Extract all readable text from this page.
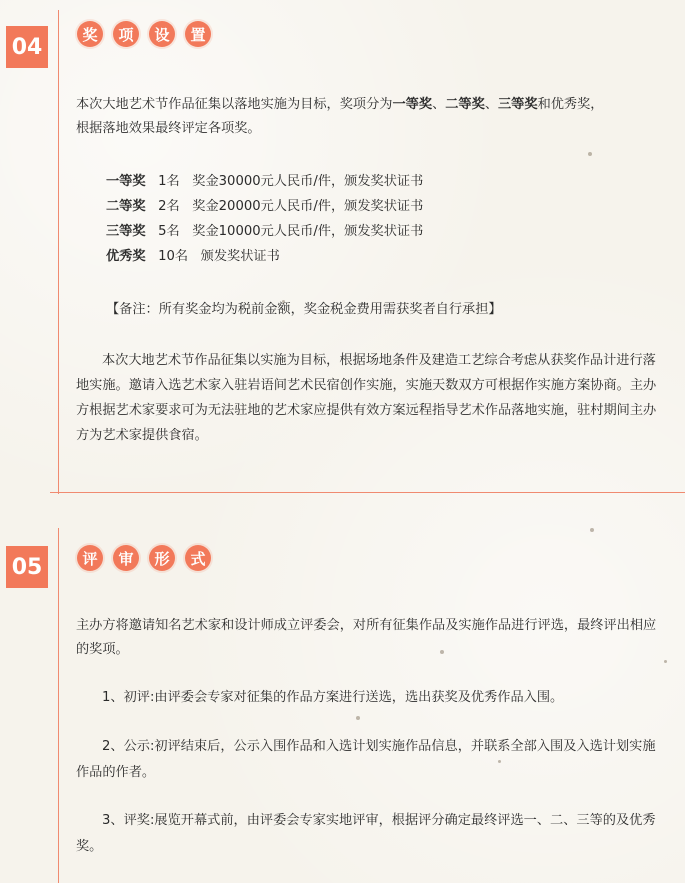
04	奖	项	设	置
本次大地艺术节作品征集以落地实施为目标，奖项分为一等奖、二等奖、三等奖和优秀奖，
根据落地效果最终评定各项奖。
一等奖   1名   奖金30000元人民币/件，颁发奖状证书
二等奖   2名   奖金20000元人民币/件，颁发奖状证书
三等奖   5名   奖金10000元人民币/件，颁发奖状证书
优秀奖   10名   颁发奖状证书
【备注：所有奖金均为税前金额，奖金税金费用需获奖者自行承担】
本次大地艺术节作品征集以实施为目标，根据场地条件及建造工艺综合考虑从获奖作品计进行落地实施。邀请入选艺术家入驻岩语间艺术民宿创作实施，实施天数双方可根据作实施方案协商。主办方根据艺术家要求可为无法驻地的艺术家应提供有效方案远程指导艺术作品落地实施，驻村期间主办方为艺术家提供食宿。
05	评	审	形	式
主办方将邀请知名艺术家和设计师成立评委会，对所有征集作品及实施作品进行评选，最终评出相应的奖项。
1、初评:由评委会专家对征集的作品方案进行送选，选出获奖及优秀作品入围。
2、公示:初评结束后，公示入围作品和入选计划实施作品信息，并联系全部入围及入选计划实施作品的作者。
3、评奖:展览开幕式前，由评委会专家实地评审，根据评分确定最终评选一、二、三等的及优秀奖。
